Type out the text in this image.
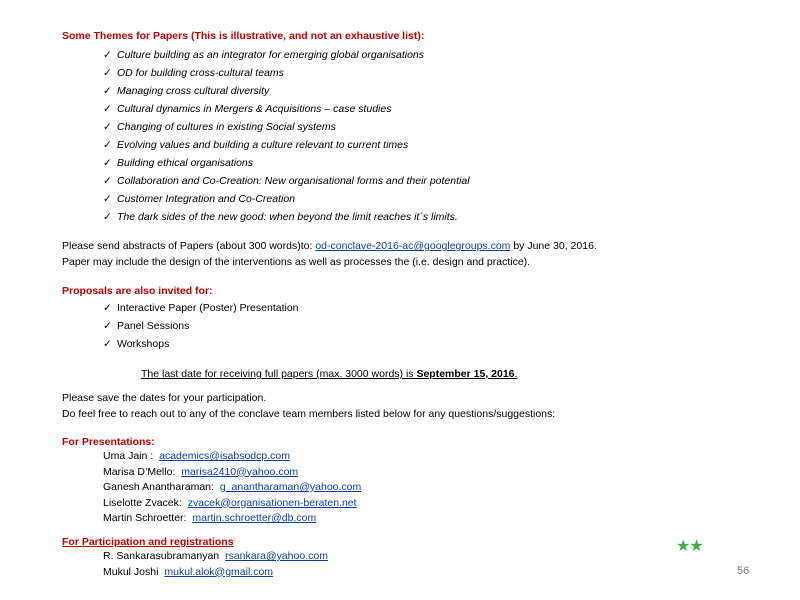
Some Themes for Papers (This is illustrative, and not an exhaustive list):
✓ Culture building as an integrator for emerging global organisations
✓ OD for building cross-cultural teams
✓ Managing cross cultural diversity
✓ Cultural dynamics in Mergers & Acquisitions – case studies
✓ Changing of cultures in existing Social systems
✓ Evolving values and building a culture relevant to current times
✓ Building ethical organisations
✓ Collaboration and Co-Creation: New organisational forms and their potential
✓ Customer Integration and Co-Creation
✓ The dark sides of the new good: when beyond the limit reaches it´s limits.
Please send abstracts of Papers (about 300 words)to: od-conclave-2016-ac@googlegroups.com by June 30, 2016.
Paper may include the design of the interventions as well as processes the (i.e. design and practice).
Proposals are also invited for:
✓ Interactive Paper (Poster) Presentation
✓ Panel Sessions
✓ Workshops
The last date for receiving full papers (max. 3000 words) is September 15, 2016.
Please save the dates for your participation.
Do feel free to reach out to any of the conclave team members listed below for any questions/suggestions:
For Presentations:
Uma Jain : academics@isabsodcp.com
Marisa D’Mello: marisa2410@yahoo.com
Ganesh Anantharaman: g_anantharaman@yahoo.com
Liselotte Zvacek: zvacek@organisationen-beraten.net
Martin Schroetter: martin.schroetter@db.com
For Participation and registrations
R. Sankarasubramanyan rsankara@yahoo.com
Mukul Joshi mukul.alok@gmail.com
★★
56
